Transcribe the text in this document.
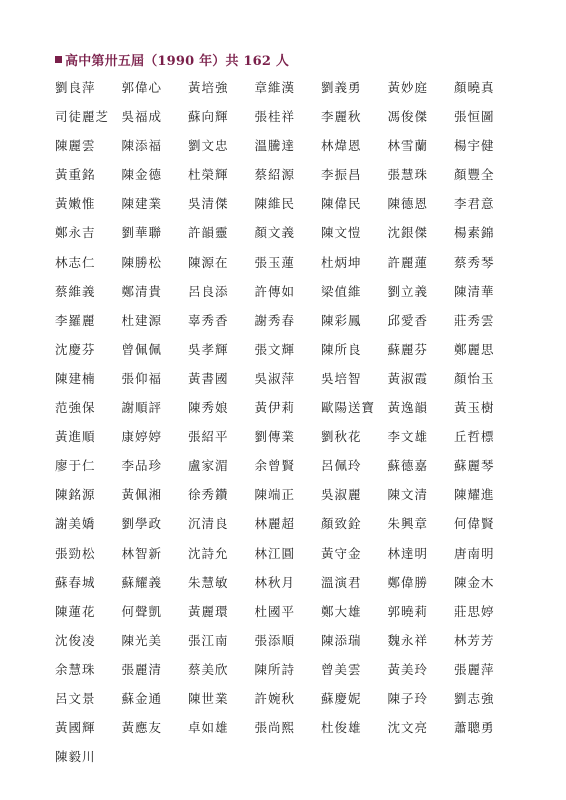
高中第卅五屆（1990 年）共 162 人
劉良萍	郭偉心	黃培強	章維漢	劉義勇	黃妙庭	顏曉真
司徒麗芝 吳福成	蘇向輝	張桂祥	李麗秋	馮俊傑	張恒圖
陳麗雲	陳添福	劉文忠	溫騰達	林煒恩	林雪蘭	楊宇健
黃重銘	陳金德	杜榮輝	蔡紹源	李振昌	張慧珠	顏豐全
黃嫩惟	陳建業	吳清傑	陳維民	陳偉民	陳德恩	李君意
鄭永吉	劉華聯	許韻靈	顏文義	陳文愷	沈銀傑	楊素錦
林志仁	陳勝松	陳源在	張玉蓮	杜炳坤	許麗蓮	蔡秀琴
蔡維義	鄭清貴	呂良添	許傳如	梁值維	劉立義	陳清華
李羅麗	杜建源	辜秀香	謝秀春	陳彩鳳	邱愛香	莊秀雲
沈慶芬	曾佩佩	吳孝輝	張文輝	陳所良	蘇麗芬	鄭麗思
陳建楠	張仰福	黃書國	吳淑萍	吳培智	黃淑霞	顏怡玉
范強保	謝順評	陳秀娘	黃伊莉	歐陽送寶 黃逸韻	黃玉樹
黃進順	康婷婷	張紹平	劉傳業	劉秋花	李文雄	丘哲標
廖于仁	李品珍	盧家湄	余曾賢	呂佩玲	蘇德嘉	蘇麗琴
陳銘源	黃佩湘	徐秀鑽	陳端正	吳淑麗	陳文清	陳耀進
謝美嬌	劉學政	沉清良	林麗超	顏致銓	朱興章	何偉賢
張勁松	林智新	沈詩允	林江圓	黃守金	林達明	唐南明
蘇春城	蘇耀義	朱慧敏	林秋月	溫演君	鄭偉勝	陳金木
陳蓮花	何聲凱	黃麗環	杜國平	鄭大雄	郭曉莉	莊思婷
沈俊凌	陳光美	張江南	張添順	陳添瑞	魏永祥	林芳芳
余慧珠	張麗清	蔡美欣	陳所詩	曾美雲	黃美玲	張麗萍
呂文景	蘇金通	陳世業	許婉秋	蘇慶妮	陳子玲	劉志強
黃國輝	黃應友	卓如雄	張尚熙	杜俊雄	沈文亮	蕭聰勇
陳毅川
